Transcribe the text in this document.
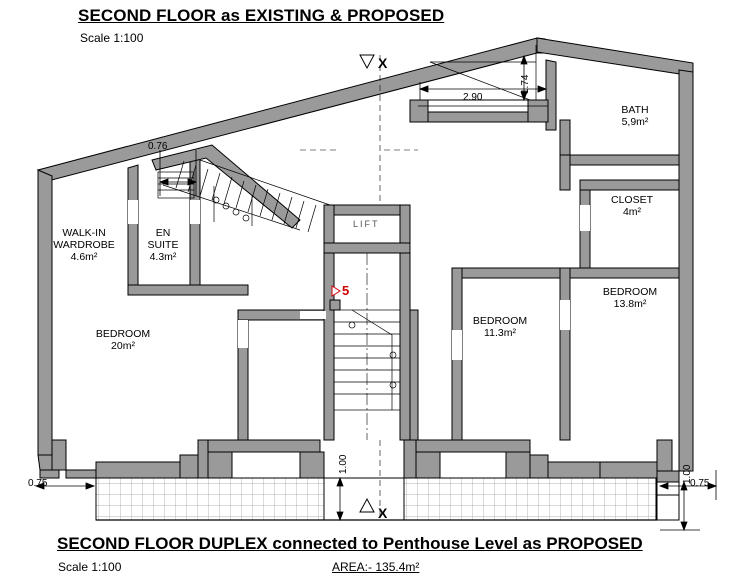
SECOND FLOOR as EXISTING & PROPOSED
Scale 1:100
SECOND FLOOR DUPLEX connected to Penthouse Level as PROPOSED
Scale 1:100	AREA:- 135.4m²
X
X
5
LIFT
BATH
5,9m²
CLOSET
4m²
BEDROOM
13.8m²
BEDROOM
11.3m²
BEDROOM
20m²
WALK-IN
WARDROBE
4.6m²
EN
SUITE
4.3m²
2.90
1.74
0.76
0.75	0.75
1.00
1.00
